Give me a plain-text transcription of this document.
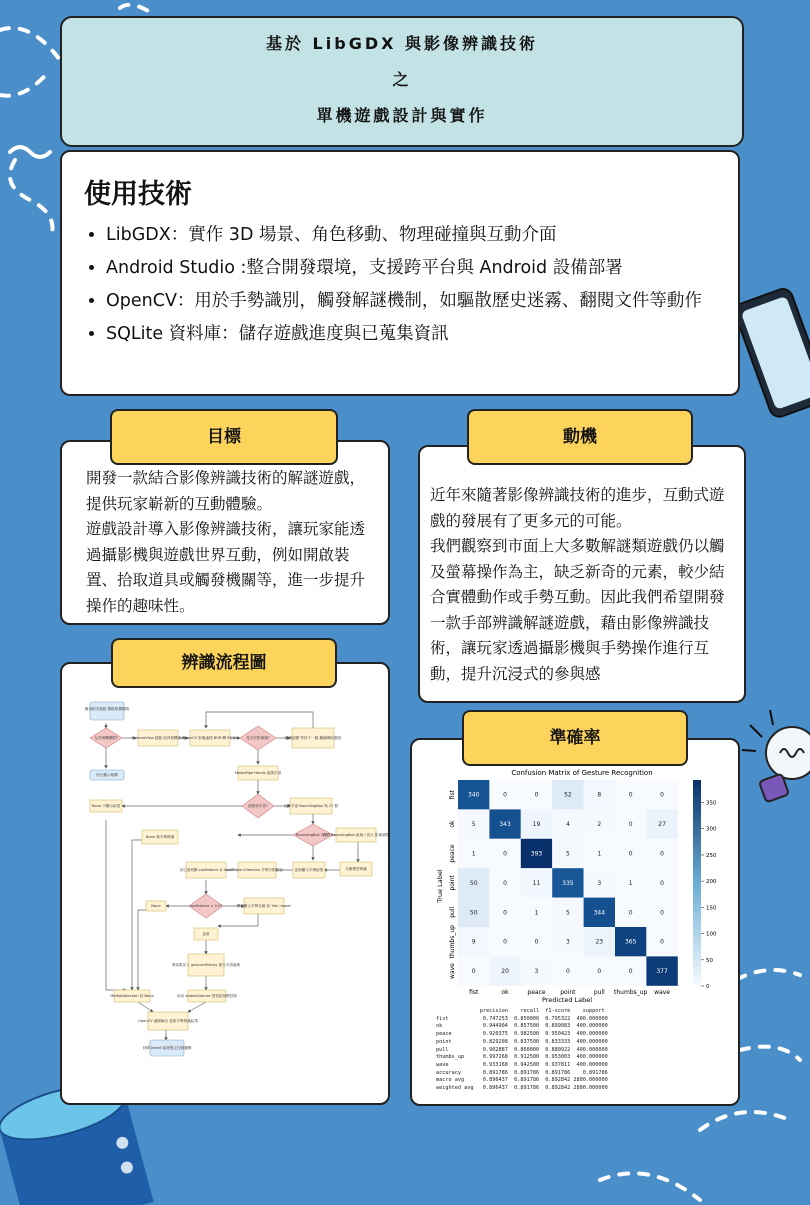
基於 LibGDX 與影像辨識技術
之
單機遊戲設計與實作
使用技術
• LibGDX：實作 3D 場景、角色移動、物理碰撞與互動介面
• Android Studio :整合開發環境，支援跨平台與 Android 設備部署
• OpenCV：用於手勢識別，觸發解謎機制，如驅散歷史迷霧、翻閱文件等動作
• SQLite 資料庫：儲存遊戲進度與已蒐集資訊

開發一款結合影像辨識技術的解謎遊戲，提供玩家嶄新的互動體驗。

遊戲設計導入影像辨識技術，讓玩家能透過攝影機與遊戲世界互動，例如開啟裝置、拾取道具或觸發機關等，進一步提升操作的趣味性。

目標

近年來隨著影像辨識技術的進步，互動式遊戲的發展有了更多元的可能。

我們觀察到市面上大多數解謎類遊戲仍以觸及螢幕操作為主，缺乏新奇的元素，較少結合實體動作或手勢互動。因此我們希望開發一款手部辨識解謎遊戲，藉由影像辨識技術，讓玩家透過攝影機與手勢操作進行互動，提升沉浸式的參與感

動機
辨識流程圖
應用程式啟動 開啟相機權限
允許相機權限?	CameraView 啟動 取得相機串流
OpenCV 影像處理 BGR 轉 RGBA 是否有影像幀?	繼續迴圈 等待下一幀 繼續擷取畫面
停止顯示相機	MediaPipe Hands 偵測手部
偵測到手部?	計算手部 BoundingBox 與 21 點
None 不顯示結果
None 無手勢辨識	BoundingBox 有效?
裁切 BoundingBox 區域 / 放大 影像調整
分類模型辨識
更新顯示手勢結果
TFLite Inference 手勢分類推論
信心值判斷 confidence & label
confidence > 0.5?
None	標記顯示手勢名稱 如 'fist','wave'
更新
將結果存入 gestureHistory 進行平滑處理
MediaDetection 回 None	取出 stableGesture 提供給遊戲控制
OpenCV 處理輸出 更新手勢辨識結果
回傳 Intent 給遊戲主控制邏輯
準確率
Confusion Matrix of Gesture Recognition
Predicted Label
True Label
340	0	0	52	8	0	0
5	343	19	4	2	0	27
1	0	393	5	1	0	0
50	0	11	335	3	1	0
50	0	1	5	344	0	0
9	0	0	3	23	365	0
0	20	3	0	0	0	377
fist	ok	peace point	pull thumbs_up wave
fist
ok
peace
point
pull
thumbs_up
wave
350
300
250
200
150
100
50
0
precision    recall  f1-score    support
fist           0.747253  0.850000  0.795322  400.000000
ok             0.944904  0.857500  0.899083  400.000000
peace          0.920375  0.982500  0.950423  400.000000
point          0.829208  0.837500  0.833333  400.000000
pull           0.902887  0.860000  0.880922  400.000000
thumbs_up      0.997268  0.912500  0.953003  400.000000
wave           0.933168  0.942500  0.937811  400.000000
accuracy       0.891786  0.891786  0.891786    0.891786
macro avg      0.896437  0.891786  0.892842 2800.000000
weighted avg   0.896437  0.891786  0.892842 2800.000000
